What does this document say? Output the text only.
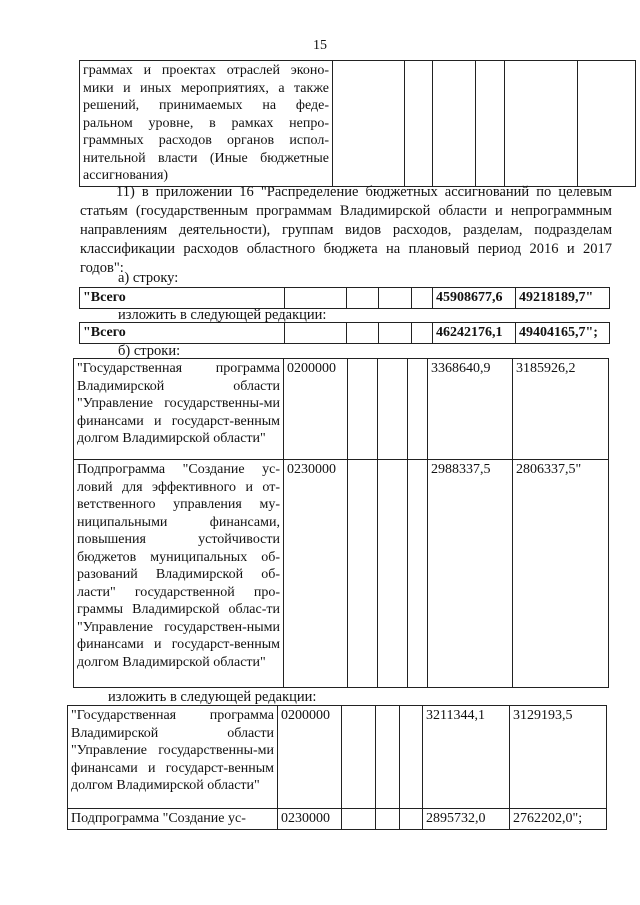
15
граммах и проектах отраслей эконо-мики и иных мероприятиях, а также решений, принимаемых на феде-ральном уровне, в рамках непро-граммных расходов органов испол-нительной власти (Иные бюджетные ассигнования)						
11) в приложении 16 "Распределение бюджетных ассигнований по целевым статьям (государственным программам Владимирской области и непрограммным направлениям деятельности), группам видов расходов, разделам, подразделам классификации расходов областного бюджета на плановый период 2016 и 2017 годов":
а) строку:
"Всего					45908677,6	49218189,7"
изложить в следующей редакции:
"Всего					46242176,1	49404165,7";
б) строки:
"Государственная программа Владимирской области "Управление государственны-ми финансами и государст-венным долгом Владимирской области"	0200000				3368640,9	3185926,2
Подпрограмма "Создание ус-ловий для эффективного и от-ветственного управления му-ниципальными финансами, повышения устойчивости бюджетов муниципальных об-разований Владимирской об-ласти" государственной про-граммы Владимирской облас-ти "Управление государствен-ными финансами и государст-венным долгом Владимирской области"	0230000				2988337,5	2806337,5"
изложить в следующей редакции:
"Государственная программа Владимирской области "Управление государственны-ми финансами и государст-венным долгом Владимирской области"	0200000				3211344,1	3129193,5
Подпрограмма "Создание ус-	0230000				2895732,0	2762202,0";
